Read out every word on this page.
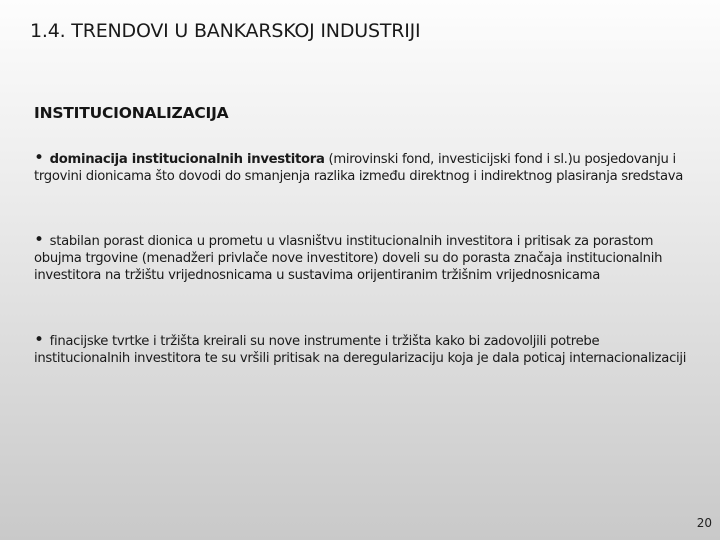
1.4. TRENDOVI U BANKARSKOJ INDUSTRIJI
INSTITUCIONALIZACIJA
• dominacija institucionalnih investitora (mirovinski fond, investicijski fond i sl.)u posjedovanju i trgovini dionicama što dovodi do smanjenja razlika između direktnog i indirektnog plasiranja sredstava
• stabilan porast dionica u prometu u vlasništvu institucionalnih investitora i pritisak za porastom obujma trgovine (menadžeri privlače nove investitore) doveli su do porasta značaja institucionalnih investitora na tržištu vrijednosnicama u sustavima orijentiranim tržišnim vrijednosnicama
• finacijske tvrtke i tržišta kreirali su nove instrumente i tržišta kako bi zadovoljili potrebe institucionalnih investitora te su vršili pritisak na deregularizaciju koja je dala poticaj internacionalizaciji
20
